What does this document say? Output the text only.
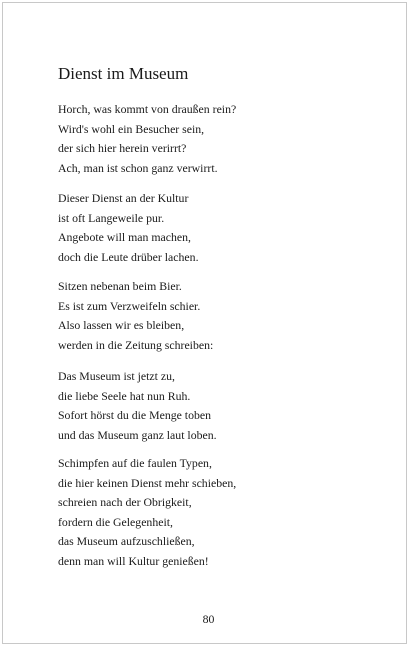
Dienst im Museum
Horch, was kommt von draußen rein?
Wird's wohl ein Besucher sein,
der sich hier herein verirrt?
Ach, man ist schon ganz verwirrt.
Dieser Dienst an der Kultur
ist oft Langeweile pur.
Angebote will man machen,
doch die Leute drüber lachen.
Sitzen nebenan beim Bier.
Es ist zum Verzweifeln schier.
Also lassen wir es bleiben,
werden in die Zeitung schreiben:
Das Museum ist jetzt zu,
die liebe Seele hat nun Ruh.
Sofort hörst du die Menge toben
und das Museum ganz laut loben.
Schimpfen auf die faulen Typen,
die hier keinen Dienst mehr schieben,
schreien nach der Obrigkeit,
fordern die Gelegenheit,
das Museum aufzuschließen,
denn man will Kultur genießen!
80
